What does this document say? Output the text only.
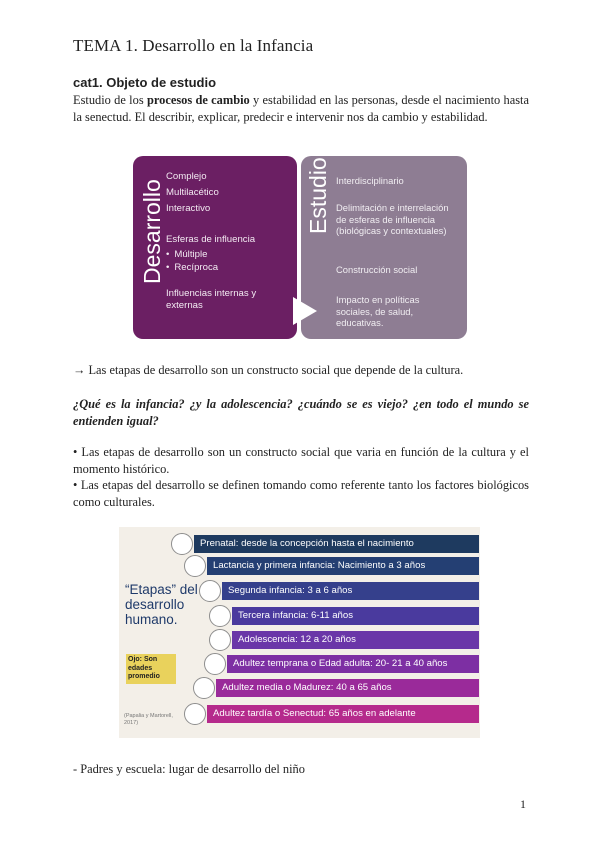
TEMA 1. Desarrollo en la Infancia
cat1. Objeto de estudio
Estudio de los procesos de cambio y estabilidad en las personas, desde el nacimiento hasta la senectud. El describir, explicar, predecir e intervenir nos da cambio y estabilidad.
Desarrollo
Complejo
Multilacético
Interactivo
Esferas de influencia
• Múltiple
• Recíproca
Influencias internas y externas
Estudio Interdisciplinario
Delimitación e interrelación de esferas de influencia (biológicas y contextuales)
Construcción social
Impacto en políticas sociales, de salud, educativas.
→ Las etapas de desarrollo son un constructo social que depende de la cultura.
¿Qué es la infancia? ¿y la adolescencia? ¿cuándo se es viejo? ¿en todo el mundo se entienden igual?
• Las etapas de desarrollo son un constructo social que varia en función de la cultura y el momento histórico.
• Las etapas del desarrollo se definen tomando como referente tanto los factores biológicos como culturales.
“Etapas” del desarrollo humano.
Ojo: Son edades promedio
(Papalia y Martorell, 2017)
Prenatal: desde la concepción hasta el nacimiento
Lactancia y primera infancia: Nacimiento a 3 años
Segunda infancia: 3 a 6 años
Tercera infancia: 6-11 años
Adolescencia: 12 a 20 años
Adultez temprana o Edad adulta: 20- 21 a 40 años
Adultez media o Madurez: 40 a 65 años
Adultez tardía o Senectud: 65 años en adelante
- Padres y escuela: lugar de desarrollo del niño
1
